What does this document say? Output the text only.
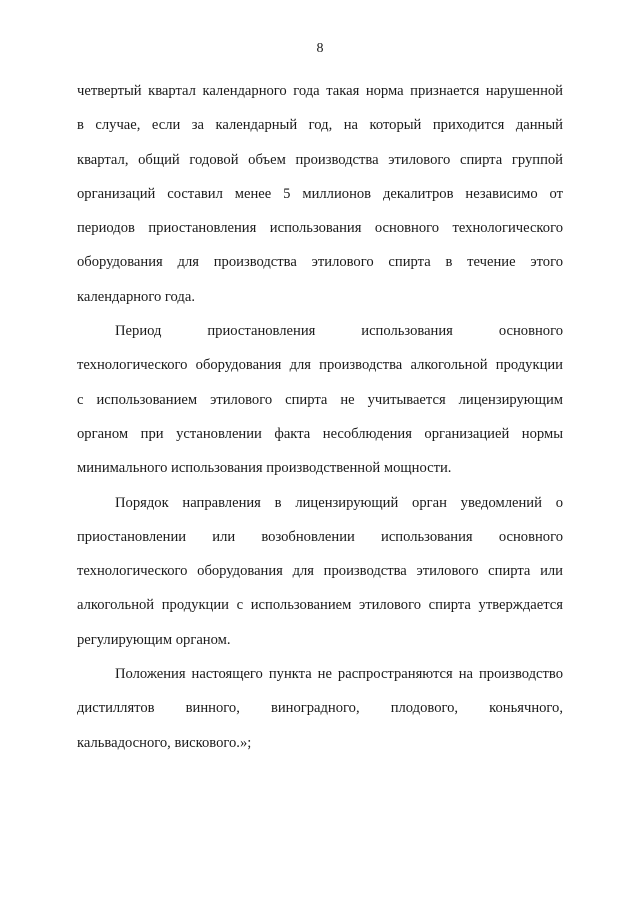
8
четвертый квартал календарного года такая норма признается нарушенной
в случае, если за календарный год, на который приходится данный
квартал, общий годовой объем производства этилового спирта группой
организаций составил менее 5 миллионов декалитров независимо от
периодов приостановления использования основного технологического
оборудования для производства этилового спирта в течение этого
календарного года.
Период приостановления использования основного
технологического оборудования для производства алкогольной продукции
с использованием этилового спирта не учитывается лицензирующим
органом при установлении факта несоблюдения организацией нормы
минимального использования производственной мощности.
Порядок направления в лицензирующий орган уведомлений о
приостановлении или возобновлении использования основного
технологического оборудования для производства этилового спирта или
алкогольной продукции с использованием этилового спирта утверждается
регулирующим органом.
Положения настоящего пункта не распространяются на производство
дистиллятов винного, виноградного, плодового, коньячного,
кальвадосного, вискового.»;
